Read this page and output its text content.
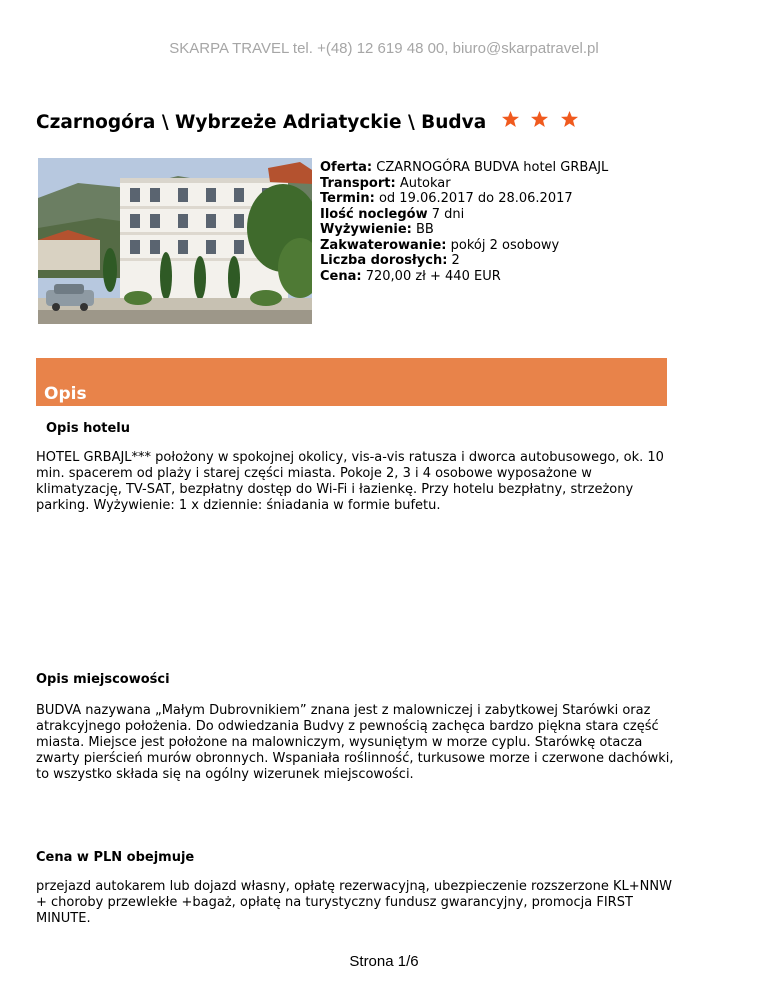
SKARPA TRAVEL tel. +(48) 12 619 48 00, biuro@skarpatravel.pl
Czarnogóra \ Wybrzeże Adriatyckie \ Budva
Oferta: CZARNOGÓRA BUDVA hotel GRBAJL
Transport: Autokar
Termin: od 19.06.2017 do 28.06.2017
Ilość noclegów 7 dni
Wyżywienie: BB
Zakwaterowanie: pokój 2 osobowy
Liczba dorosłych: 2
Cena: 720,00 zł + 440 EUR
Opis
Opis hotelu
HOTEL GRBAJL*** położony w spokojnej okolicy, vis-a-vis ratusza i dworca autobusowego, ok. 10 min. spacerem od plaży i starej części miasta. Pokoje 2, 3 i 4 osobowe wyposażone w klimatyzację, TV-SAT, bezpłatny dostęp do Wi-Fi i łazienkę. Przy hotelu bezpłatny, strzeżony parking. Wyżywienie: 1 x dziennie: śniadania w formie bufetu.
Opis miejscowości
BUDVA nazywana „Małym Dubrovnikiem” znana jest z malowniczej i zabytkowej Starówki oraz atrakcyjnego położenia. Do odwiedzania Budvy z pewnością zachęca bardzo piękna stara część miasta. Miejsce jest położone na malowniczym, wysuniętym w morze cyplu. Starówkę otacza zwarty pierścień murów obronnych. Wspaniała roślinność, turkusowe morze i czerwone dachówki, to wszystko składa się na ogólny wizerunek miejscowości.
Cena w PLN obejmuje
przejazd autokarem lub dojazd własny, opłatę rezerwacyjną, ubezpieczenie rozszerzone KL+NNW + choroby przewlekłe +bagaż, opłatę na turystyczny fundusz gwarancyjny, promocja FIRST MINUTE.
Strona 1/6
